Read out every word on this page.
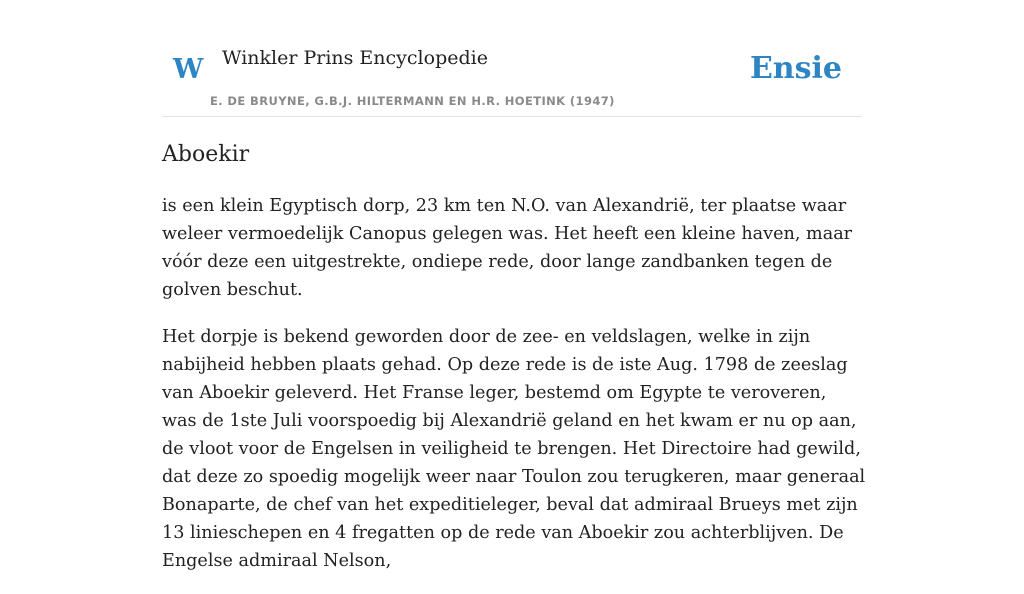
W Winkler Prins Encyclopedie
E. DE BRUYNE, G.B.J. HILTERMANN EN H.R. HOETINK (1947)
Ensie
Aboekir

is een klein Egyptisch dorp, 23 km ten N.O. van Alexandrië, ter plaatse waar weleer vermoedelijk Canopus gelegen was. Het heeft een kleine haven, maar vóór deze een uitgestrekte, ondiepe rede, door lange zandbanken tegen de golven beschut.

Het dorpje is bekend geworden door de zee- en veldslagen, welke in zijn nabijheid hebben plaats gehad. Op deze rede is de iste Aug. 1798 de zeeslag van Aboekir geleverd. Het Franse leger, bestemd om Egypte te veroveren, was de 1ste Juli voorspoedig bij Alexandrië geland en het kwam er nu op aan, de vloot voor de Engelsen in veiligheid te brengen. Het Directoire had gewild, dat deze zo spoedig mogelijk weer naar Toulon zou terugkeren, maar generaal Bonaparte, de chef van het expeditieleger, beval dat admiraal Brueys met zijn 13 linieschepen en 4 fregatten op de rede van Aboekir zou achterblijven. De Engelse admiraal Nelson,
